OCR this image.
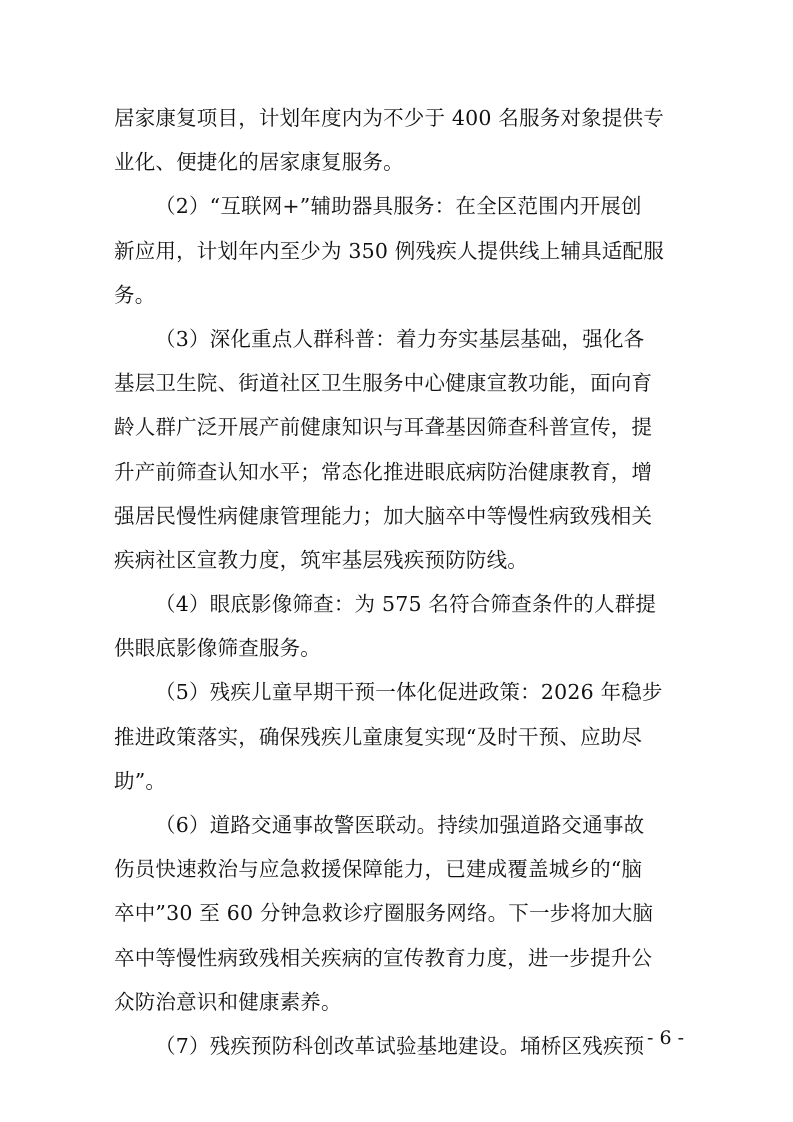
居家康复项目，计划年度内为不少于 400 名服务对象提供专
业化、便捷化的居家康复服务。
（2）“互联网+”辅助器具服务：在全区范围内开展创
新应用，计划年内至少为 350 例残疾人提供线上辅具适配服
务。
（3）深化重点人群科普：着力夯实基层基础，强化各
基层卫生院、街道社区卫生服务中心健康宣教功能，面向育
龄人群广泛开展产前健康知识与耳聋基因筛查科普宣传，提
升产前筛查认知水平；常态化推进眼底病防治健康教育，增
强居民慢性病健康管理能力；加大脑卒中等慢性病致残相关
疾病社区宣教力度，筑牢基层残疾预防防线。
（4）眼底影像筛查：为 575 名符合筛查条件的人群提
供眼底影像筛查服务。
（5）残疾儿童早期干预一体化促进政策：2026 年稳步
推进政策落实，确保残疾儿童康复实现“及时干预、应助尽
助”。
（6）道路交通事故警医联动。持续加强道路交通事故
伤员快速救治与应急救援保障能力，已建成覆盖城乡的“脑
卒中”30 至 60 分钟急救诊疗圈服务网络。下一步将加大脑
卒中等慢性病致残相关疾病的宣传教育力度，进一步提升公
众防治意识和健康素养。
（7）残疾预防科创改革试验基地建设。埇桥区残疾预 - 6 -
